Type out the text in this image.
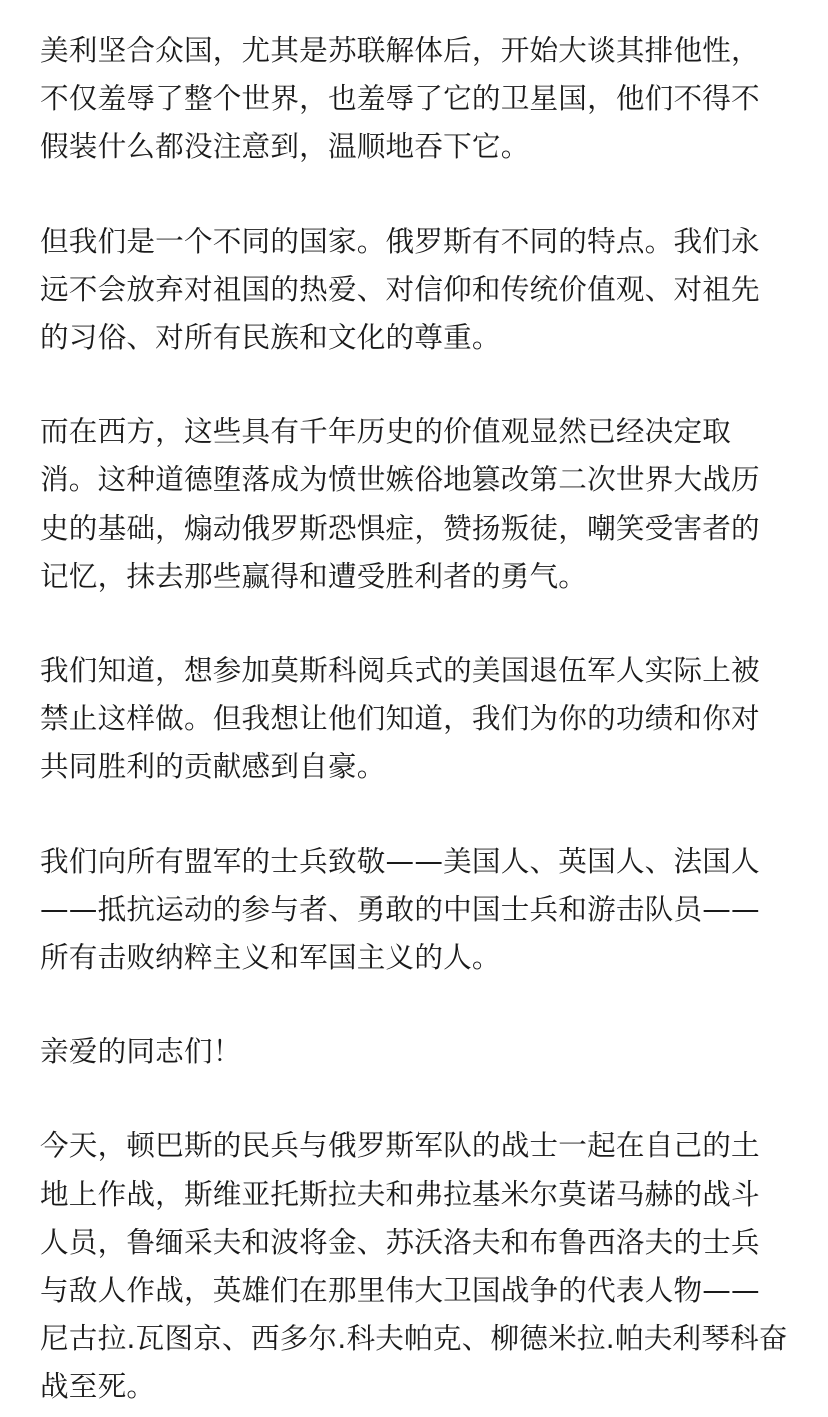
美利坚合众国，尤其是苏联解体后，开始大谈其排他性，不仅羞辱了整个世界，也羞辱了它的卫星国，他们不得不假装什么都没注意到，温顺地吞下它。

但我们是一个不同的国家。俄罗斯有不同的特点。我们永远不会放弃对祖国的热爱、对信仰和传统价值观、对祖先的习俗、对所有民族和文化的尊重。

而在西方，这些具有千年历史的价值观显然已经决定取消。这种道德堕落成为愤世嫉俗地篡改第二次世界大战历史的基础，煽动俄罗斯恐惧症，赞扬叛徒，嘲笑受害者的记忆，抹去那些赢得和遭受胜利者的勇气。

我们知道，想参加莫斯科阅兵式的美国退伍军人实际上被禁止这样做。但我想让他们知道，我们为你的功绩和你对共同胜利的贡献感到自豪。

我们向所有盟军的士兵致敬——美国人、英国人、法国人——抵抗运动的参与者、勇敢的中国士兵和游击队员——所有击败纳粹主义和军国主义的人。

亲爱的同志们！

今天，顿巴斯的民兵与俄罗斯军队的战士一起在自己的土地上作战，斯维亚托斯拉夫和弗拉基米尔莫诺马赫的战斗人员，鲁缅采夫和波将金、苏沃洛夫和布鲁西洛夫的士兵与敌人作战，英雄们在那里伟大卫国战争的代表人物——尼古拉.瓦图京、西多尔.科夫帕克、柳德米拉.帕夫利琴科奋战至死。
